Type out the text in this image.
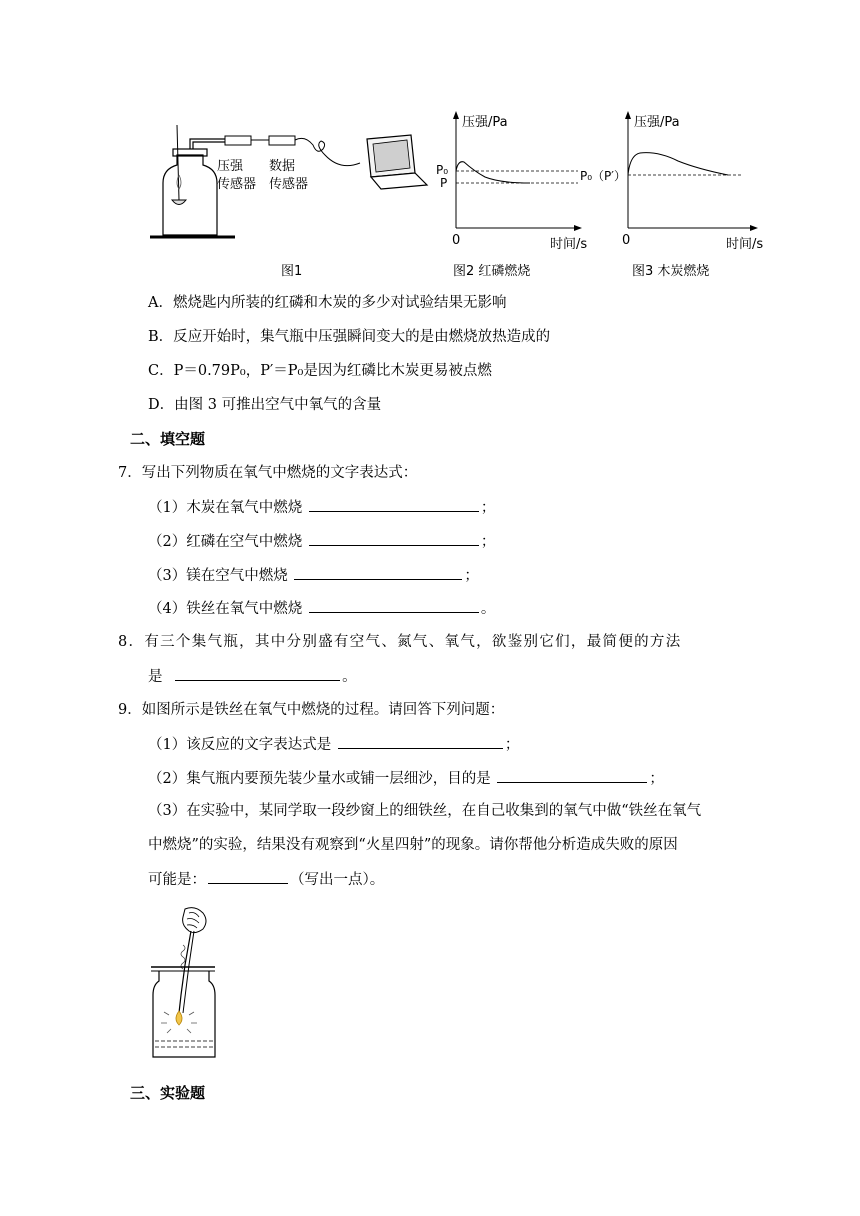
压强
传感器
数据
传感器
图1
压强/Pa
时间/s
0
P₀
P
图2 红磷燃烧
压强/Pa
时间/s
0
P₀（P′）
图3 木炭燃烧
A．燃烧匙内所装的红磷和木炭的多少对试验结果无影响
B．反应开始时，集气瓶中压强瞬间变大的是由燃烧放热造成的
C．P＝0.79P₀，P′＝P₀是因为红磷比木炭更易被点燃
D．由图 3 可推出空气中氧气的含量
二、填空题
7．写出下列物质在氧气中燃烧的文字表达式：
（1）木炭在氧气中燃烧	；
（2）红磷在空气中燃烧	；
（3）镁在空气中燃烧	；
（4）铁丝在氧气中燃烧	。
8．有三个集气瓶，其中分别盛有空气、氮气、氧气，欲鉴别它们，最简便的方法
是	。
9．如图所示是铁丝在氧气中燃烧的过程。请回答下列问题：
（1）该反应的文字表达式是	；
（2）集气瓶内要预先装少量水或铺一层细沙，目的是	；
（3）在实验中，某同学取一段纱窗上的细铁丝，在自己收集到的氧气中做“铁丝在氧气
中燃烧”的实验，结果没有观察到“火星四射”的现象。请你帮他分析造成失败的原因
可能是：	（写出一点）。
三、实验题
